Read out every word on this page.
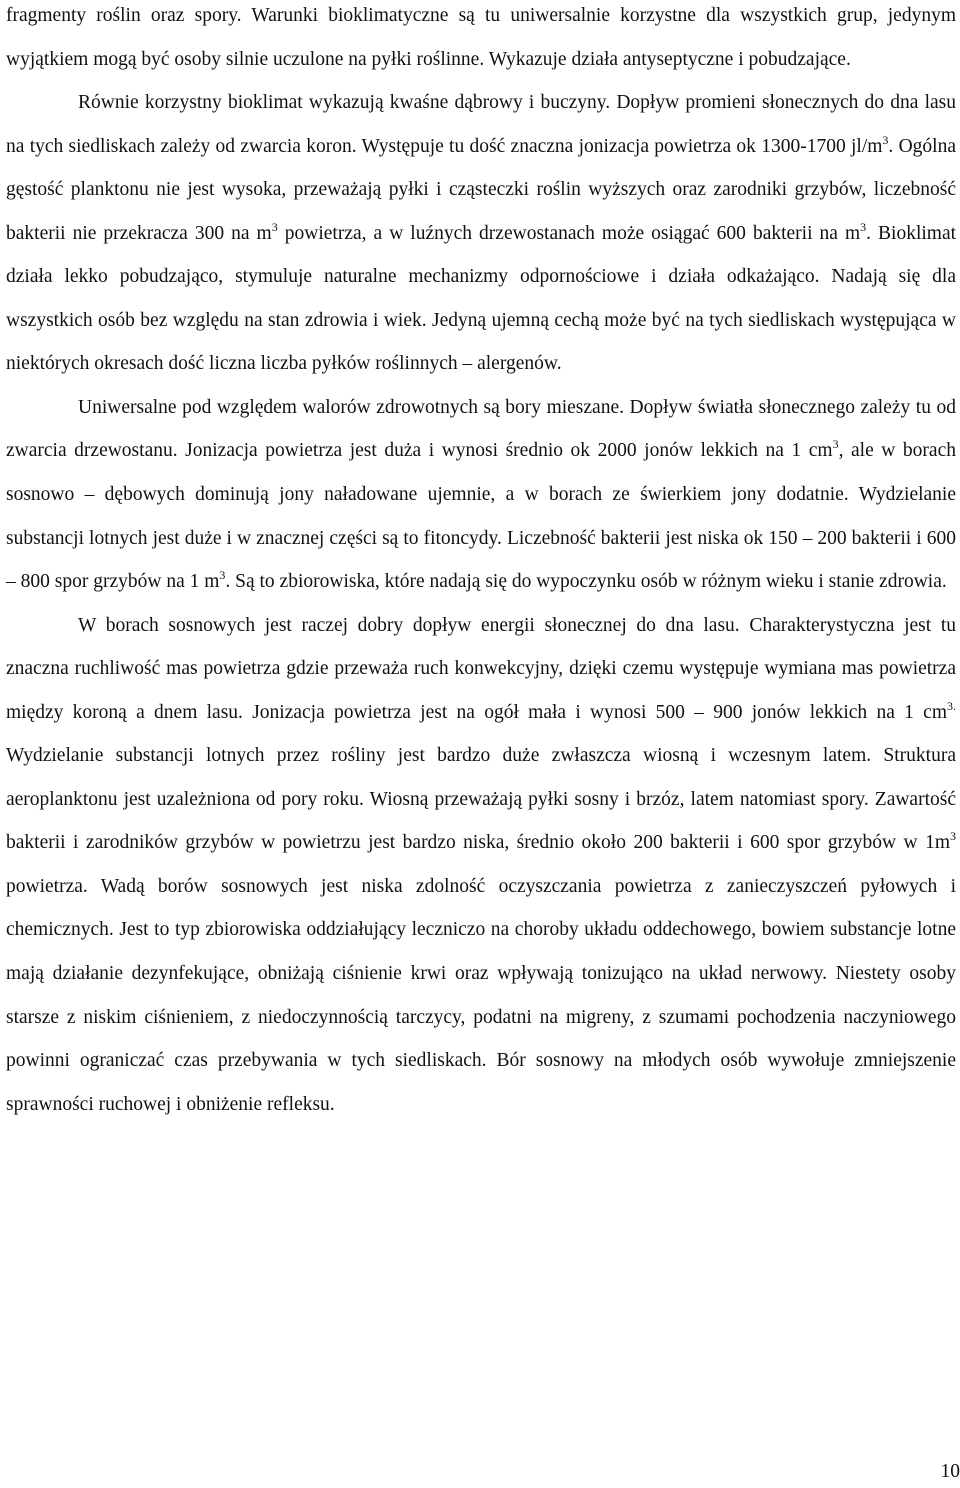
fragmenty roślin oraz spory. Warunki bioklimatyczne są tu uniwersalnie korzystne dla wszystkich grup, jedynym wyjątkiem mogą być osoby silnie uczulone na pyłki roślinne. Wykazuje działa antyseptyczne i pobudzające.

Równie korzystny bioklimat wykazują kwaśne dąbrowy i buczyny. Dopływ promieni słonecznych do dna lasu na tych siedliskach zależy od zwarcia koron. Występuje tu dość znaczna jonizacja powietrza ok 1300-1700 $jl/m^3$. Ogólna gęstość planktonu nie jest wysoka, przeważają pyłki i cząsteczki roślin wyższych oraz zarodniki grzybów, liczebność bakterii nie przekracza 300 na $m^3$ powietrza, a w luźnych drzewostanach może osiągać 600 bakterii na $m^3$. Bioklimat działa lekko pobudzająco, stymuluje naturalne mechanizmy odpornościowe i działa odkażająco. Nadają się dla wszystkich osób bez względu na stan zdrowia i wiek. Jedyną ujemną cechą może być na tych siedliskach występująca w niektórych okresach dość liczna liczba pyłków roślinnych – alergenów.

Uniwersalne pod względem walorów zdrowotnych są bory mieszane. Dopływ światła słonecznego zależy tu od zwarcia drzewostanu. Jonizacja powietrza jest duża i wynosi średnio ok 2000 jonów lekkich na 1 $cm^3$, ale w borach sosnowo – dębowych dominują jony naładowane ujemnie, a w borach ze świerkiem jony dodatnie. Wydzielanie substancji lotnych jest duże i w znacznej części są to fitoncydy. Liczebność bakterii jest niska ok 150 – 200 bakterii i 600 – 800 spor grzybów na 1 $m^3$. Są to zbiorowiska, które nadają się do wypoczynku osób w różnym wieku i stanie zdrowia.

W borach sosnowych jest raczej dobry dopływ energii słonecznej do dna lasu. Charakterystyczna jest tu znaczna ruchliwość mas powietrza gdzie przeważa ruch konwekcyjny, dzięki czemu występuje wymiana mas powietrza między koroną a dnem lasu. Jonizacja powietrza jest na ogół mała i wynosi 500 – 900 jonów lekkich na 1 $cm^{3.}$ Wydzielanie substancji lotnych przez rośliny jest bardzo duże zwłaszcza wiosną i wczesnym latem. Struktura aeroplanktonu jest uzależniona od pory roku. Wiosną przeważają pyłki sosny i brzóz, latem natomiast spory. Zawartość bakterii i zarodników grzybów w powietrzu jest bardzo niska, średnio około 200 bakterii i 600 spor grzybów w $1m^3$ powietrza. Wadą borów sosnowych jest niska zdolność oczyszczania powietrza z zanieczyszczeń pyłowych i chemicznych. Jest to typ zbiorowiska oddziałujący leczniczo na choroby układu oddechowego, bowiem substancje lotne mają działanie dezynfekujące, obniżają ciśnienie krwi oraz wpływają tonizująco na układ nerwowy. Niestety osoby starsze z niskim ciśnieniem, z niedoczynnością tarczycy, podatni na migreny, z szumami pochodzenia naczyniowego powinni ograniczać czas przebywania w tych siedliskach. Bór sosnowy na młodych osób wywołuje zmniejszenie sprawności ruchowej i obniżenie refleksu.

10
